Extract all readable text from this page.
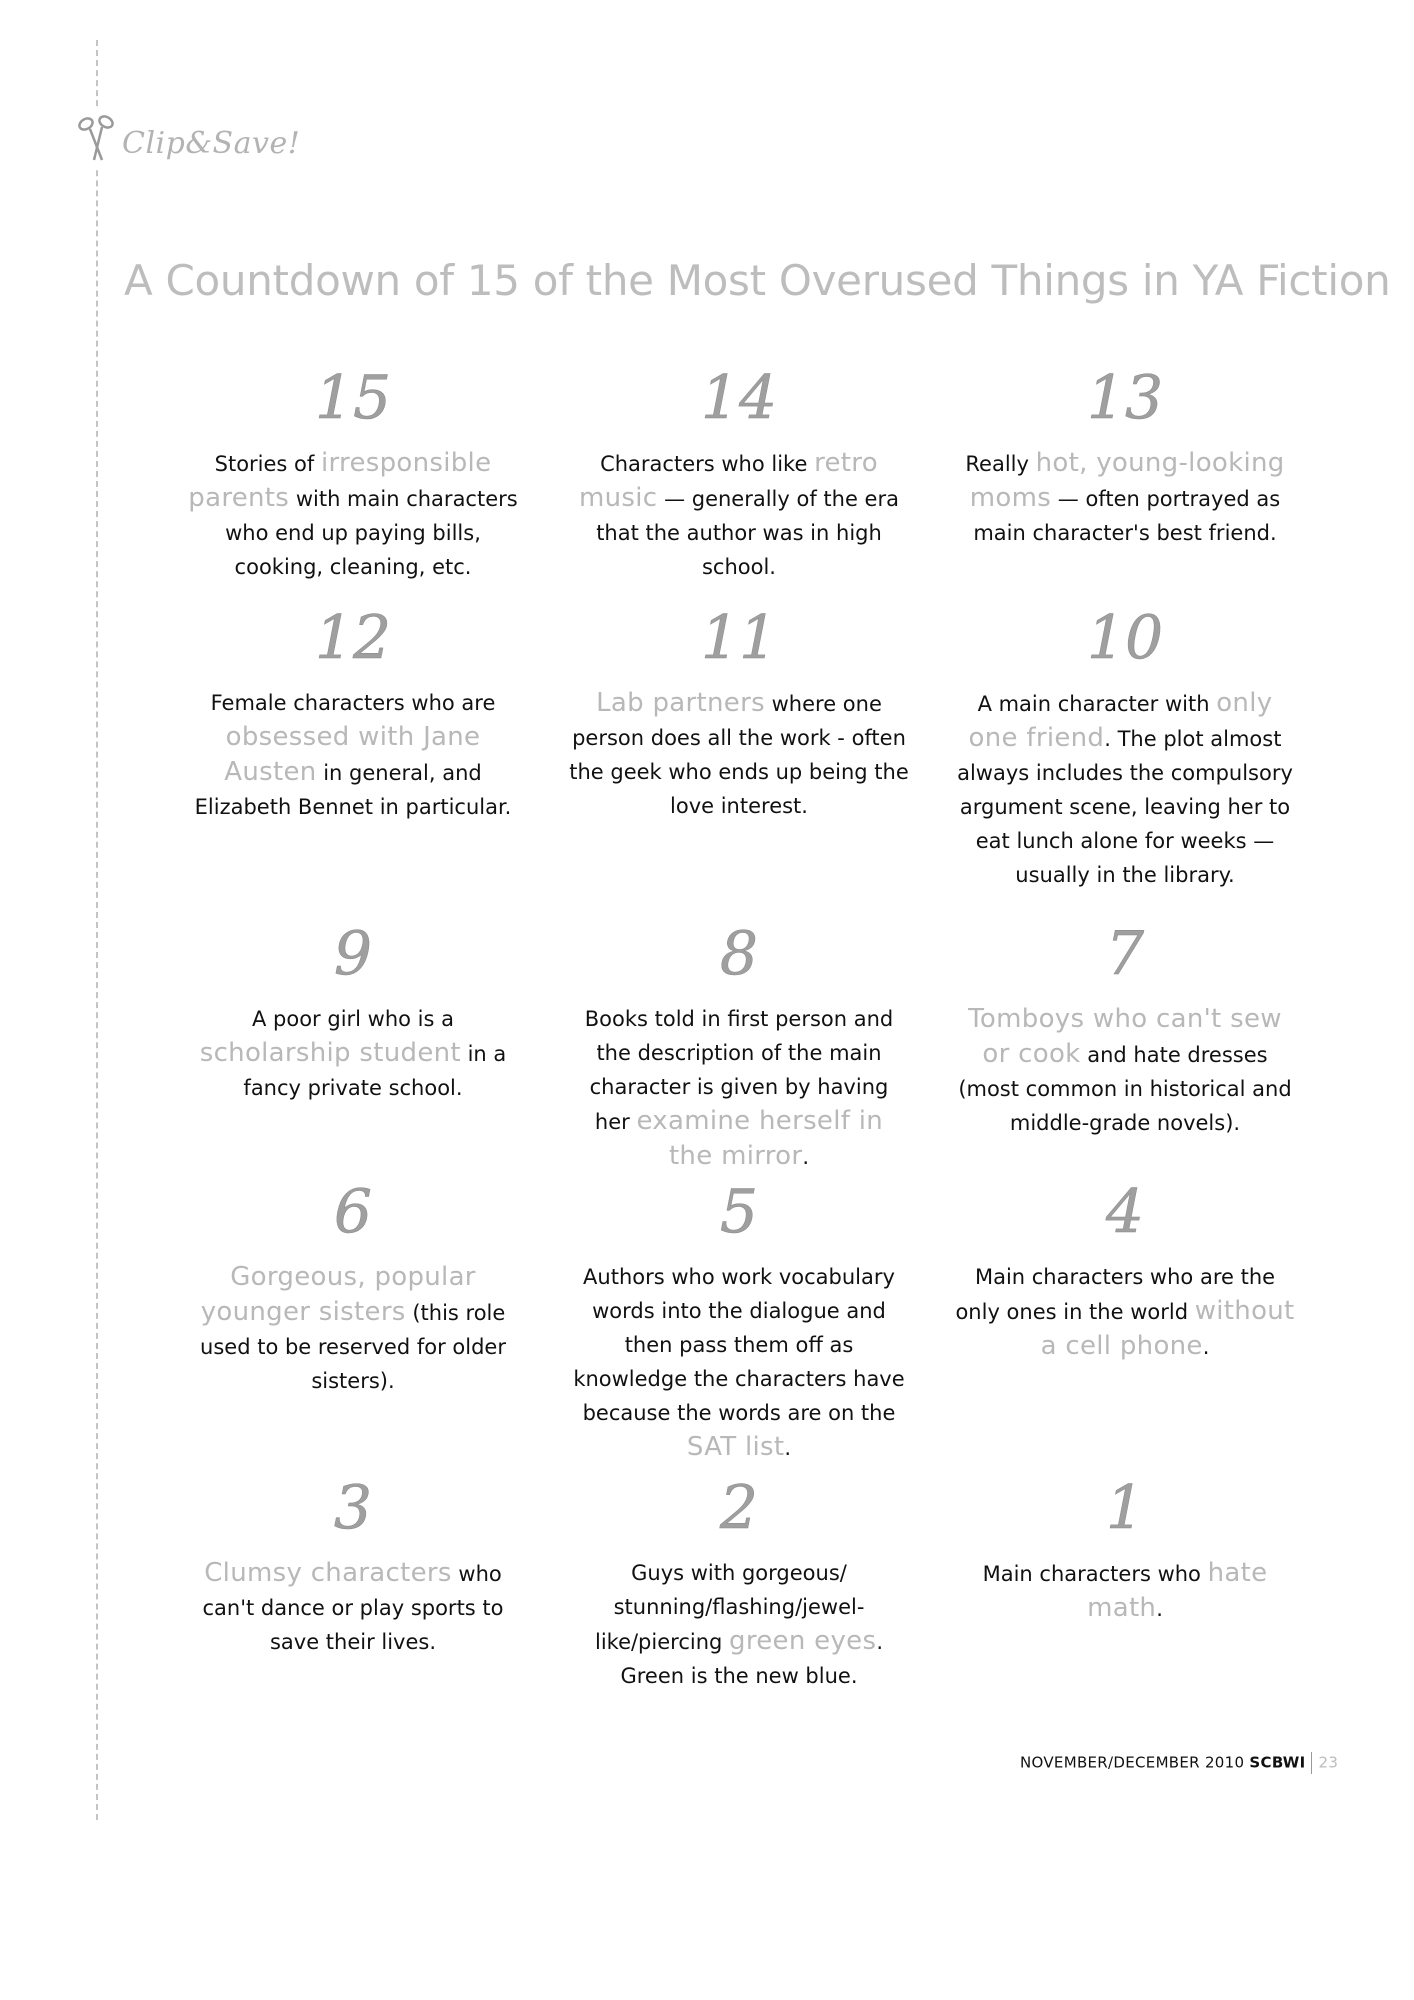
Clip&Save!
A Countdown of 15 of the Most Overused Things in YA Fiction
15
Stories of irresponsible parents with main characters who end up paying bills, cooking, cleaning, etc.
14
Characters who like retro music — generally of the era that the author was in high school.
13
Really hot, young-looking moms — often portrayed as main character's best friend.
12
Female characters who are obsessed with Jane Austen in general, and Elizabeth Bennet in particular.
11
Lab partners where one person does all the work - often the geek who ends up being the love interest.
10
A main character with only one friend. The plot almost always includes the compulsory argument scene, leaving her to eat lunch alone for weeks — usually in the library.
9
A poor girl who is a scholarship student in a fancy private school.
8
Books told in first person and the description of the main character is given by having her examine herself in the mirror.
7
Tomboys who can't sew or cook and hate dresses (most common in historical and middle-grade novels).
6
Gorgeous, popular younger sisters (this role used to be reserved for older sisters).
5
Authors who work vocabulary words into the dialogue and then pass them off as knowledge the characters have because the words are on the SAT list.
4
Main characters who are the only ones in the world without a cell phone.
3
Clumsy characters who can't dance or play sports to save their lives.
2
Guys with gorgeous/ stunning/flashing/jewel-like/piercing green eyes. Green is the new blue.
1
Main characters who hate math.
NOVEMBER/DECEMBER 2010 SCBWI 23
